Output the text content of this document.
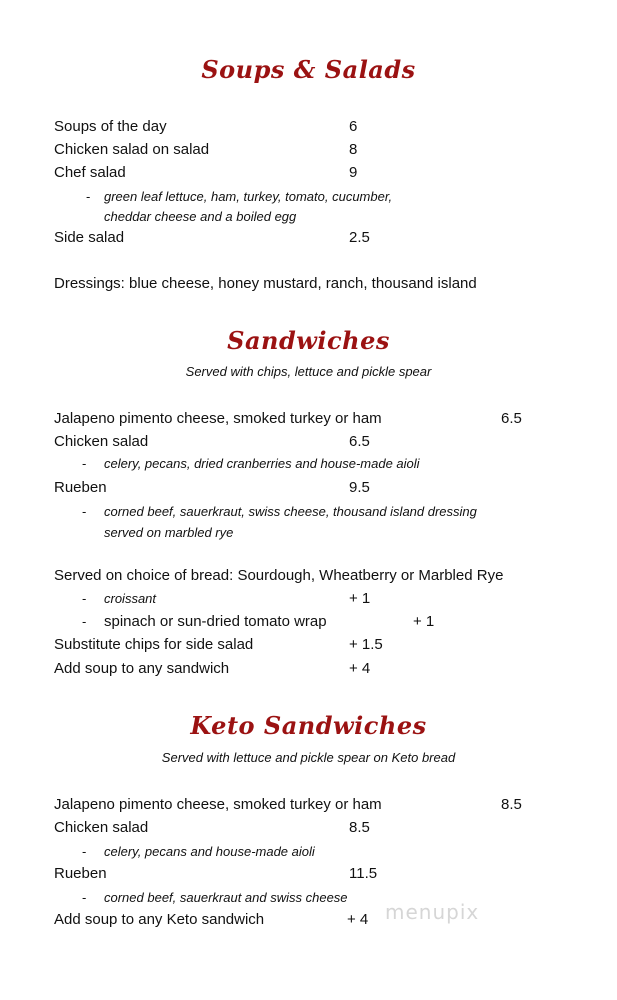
Soups & Salads
Soups of the day	6
Chicken salad on salad	8
Chef salad	9
- green leaf lettuce, ham, turkey, tomato, cucumber,
cheddar cheese and a boiled egg
Side salad	2.5
Dressings: blue cheese, honey mustard, ranch, thousand island
Sandwiches
Served with chips, lettuce and pickle spear
Jalapeno pimento cheese, smoked turkey or ham	6.5
Chicken salad	6.5
- celery, pecans, dried cranberries and house-made aioli
Rueben	9.5
- corned beef, sauerkraut, swiss cheese, thousand island dressing
served on marbled rye
Served on choice of bread: Sourdough, Wheatberry or Marbled Rye
- croissant	+ 1
- spinach or sun-dried tomato wrap	+ 1
Substitute chips for side salad	+ 1.5
Add soup to any sandwich	+ 4
Keto Sandwiches
Served with lettuce and pickle spear on Keto bread
Jalapeno pimento cheese, smoked turkey or ham	8.5
Chicken salad	8.5
- celery, pecans and house-made aioli
Rueben	11.5
- corned beef, sauerkraut and swiss cheese
Add soup to any Keto sandwich	+ 4 menupix
